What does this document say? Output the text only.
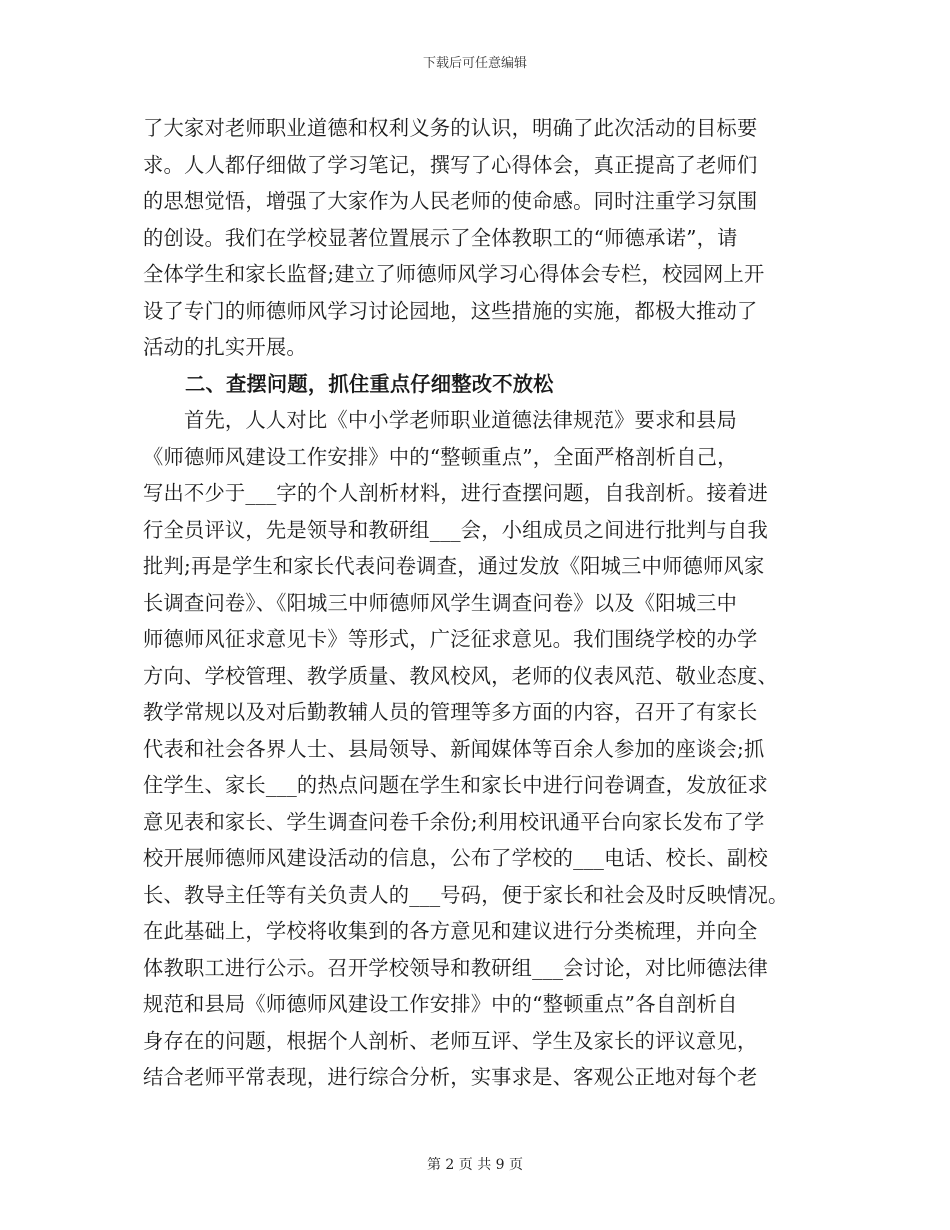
下载后可任意编辑
了大家对老师职业道德和权利义务的认识，明确了此次活动的目标要
求。人人都仔细做了学习笔记，撰写了心得体会，真正提高了老师们
的思想觉悟，增强了大家作为人民老师的使命感。同时注重学习氛围
的创设。我们在学校显著位置展示了全体教职工的“师德承诺”，请
全体学生和家长监督;建立了师德师风学习心得体会专栏，校园网上开
设了专门的师德师风学习讨论园地，这些措施的实施，都极大推动了
活动的扎实开展。
二、查摆问题，抓住重点仔细整改不放松
　　首先，人人对比《中小学老师职业道德法律规范》要求和县局
《师德师风建设工作安排》中的“整顿重点”，全面严格剖析自己，
写出不少于___字的个人剖析材料，进行查摆问题，自我剖析。接着进
行全员评议，先是领导和教研组___会，小组成员之间进行批判与自我
批判;再是学生和家长代表问卷调查，通过发放《阳城三中师德师风家
长调查问卷》、《阳城三中师德师风学生调查问卷》以及《阳城三中
师德师风征求意见卡》等形式，广泛征求意见。我们围绕学校的办学
方向、学校管理、教学质量、教风校风，老师的仪表风范、敬业态度、
教学常规以及对后勤教辅人员的管理等多方面的内容，召开了有家长
代表和社会各界人士、县局领导、新闻媒体等百余人参加的座谈会;抓
住学生、家长___的热点问题在学生和家长中进行问卷调查，发放征求
意见表和家长、学生调查问卷千余份;利用校讯通平台向家长发布了学
校开展师德师风建设活动的信息，公布了学校的___电话、校长、副校
长、教导主任等有关负责人的___号码，便于家长和社会及时反映情况。
在此基础上，学校将收集到的各方意见和建议进行分类梳理，并向全
体教职工进行公示。召开学校领导和教研组___会讨论，对比师德法律
规范和县局《师德师风建设工作安排》中的“整顿重点”各自剖析自
身存在的问题，根据个人剖析、老师互评、学生及家长的评议意见，
结合老师平常表现，进行综合分析，实事求是、客观公正地对每个老
第 2 页 共 9 页
